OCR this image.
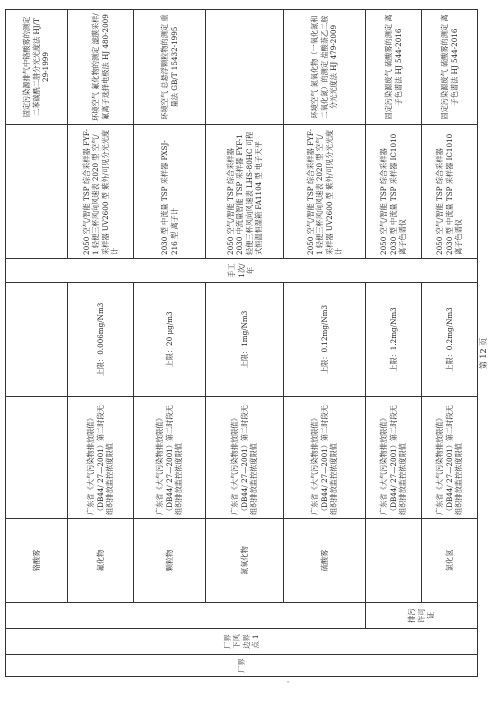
厂界	厂界下风边界点 1		铬酸雾			手工 1次/年		固定污染源排气中铬酸雾的测定 二苯碳酰二肼分光光度法 HJ/T 29-1999
			氟化物	广东省《大气污染物排放限值》（DB44/ 27—2001）第二时段无组织排放监控浓度限值	上限：0.006mg/Nm3		2050 空气/智能 TSP 综合采样器 FYF-1 轻便三杯风向风速表 2020 型 空气/采样器 UV2600 型 紫外/可见分光光度计	环境空气 氟化物的测定 滤膜采样/氟离子选择电极法 HJ 480-2009
			颗粒物	广东省《大气污染物排放限值》（DB44/ 27—2001）第二时段无组织排放监控浓度限值	上限：20 μg/m3		2030 型 中流量 TSP 采样器 PXSJ-216 型 离子计	环境空气 总悬浮颗粒物的测定 重量法 GB/T 15432-1995
			氮氧化物	广东省《大气污染物排放限值》（DB44/ 27—2001）第二时段无组织排放监控浓度限值	上限：1mg/Nm3		2050 空气/智能 TSP 综合采样器 2030 中流量智能 TSP 采样器 FYF-1 轻便三杯风向风速表 LHS-80HC 可程式恒温恒湿箱 FA1104 型 电子天平	
			硫酸雾	广东省《大气污染物排放限值》（DB44/ 27—2001）第二时段无组织排放监控浓度限值	上限：0.12mg/Nm3		2050 空气/智能 TSP 综合采样器 FYF-1 轻便三杯风向风速表 2020 型 空气/采样器 UV2600 型 紫外/可见分光光度计	环境空气 氮氧化物（一氧化氮和二氧化氮）的测定 盐酸萘乙二胺分光光度法 HJ 479-2009
		排污许可证		广东省《大气污染物排放限值》（DB44/ 27—2001）第二时段无组织排放监控浓度限值	上限：1.2mg/Nm3		2050 空气/智能 TSP 综合采样器 2030 型 中流量 TSP 采样器 IC1010 离子色谱仪	固定污染源废气 硫酸雾的测定 离子色谱法 HJ 544-2016
			氯化氢	广东省《大气污染物排放限值》（DB44/ 27—2001）第二时段无组织排放监控浓度限值	上限：0.2mg/Nm3		2050 空气/智能 TSP 综合采样器 2030 型 中流量 TSP 采样器 IC1010 离子色谱仪	固定污染源废气 硫酸雾的测定 离子色谱法 HJ 544-2016
第 12 页
'
